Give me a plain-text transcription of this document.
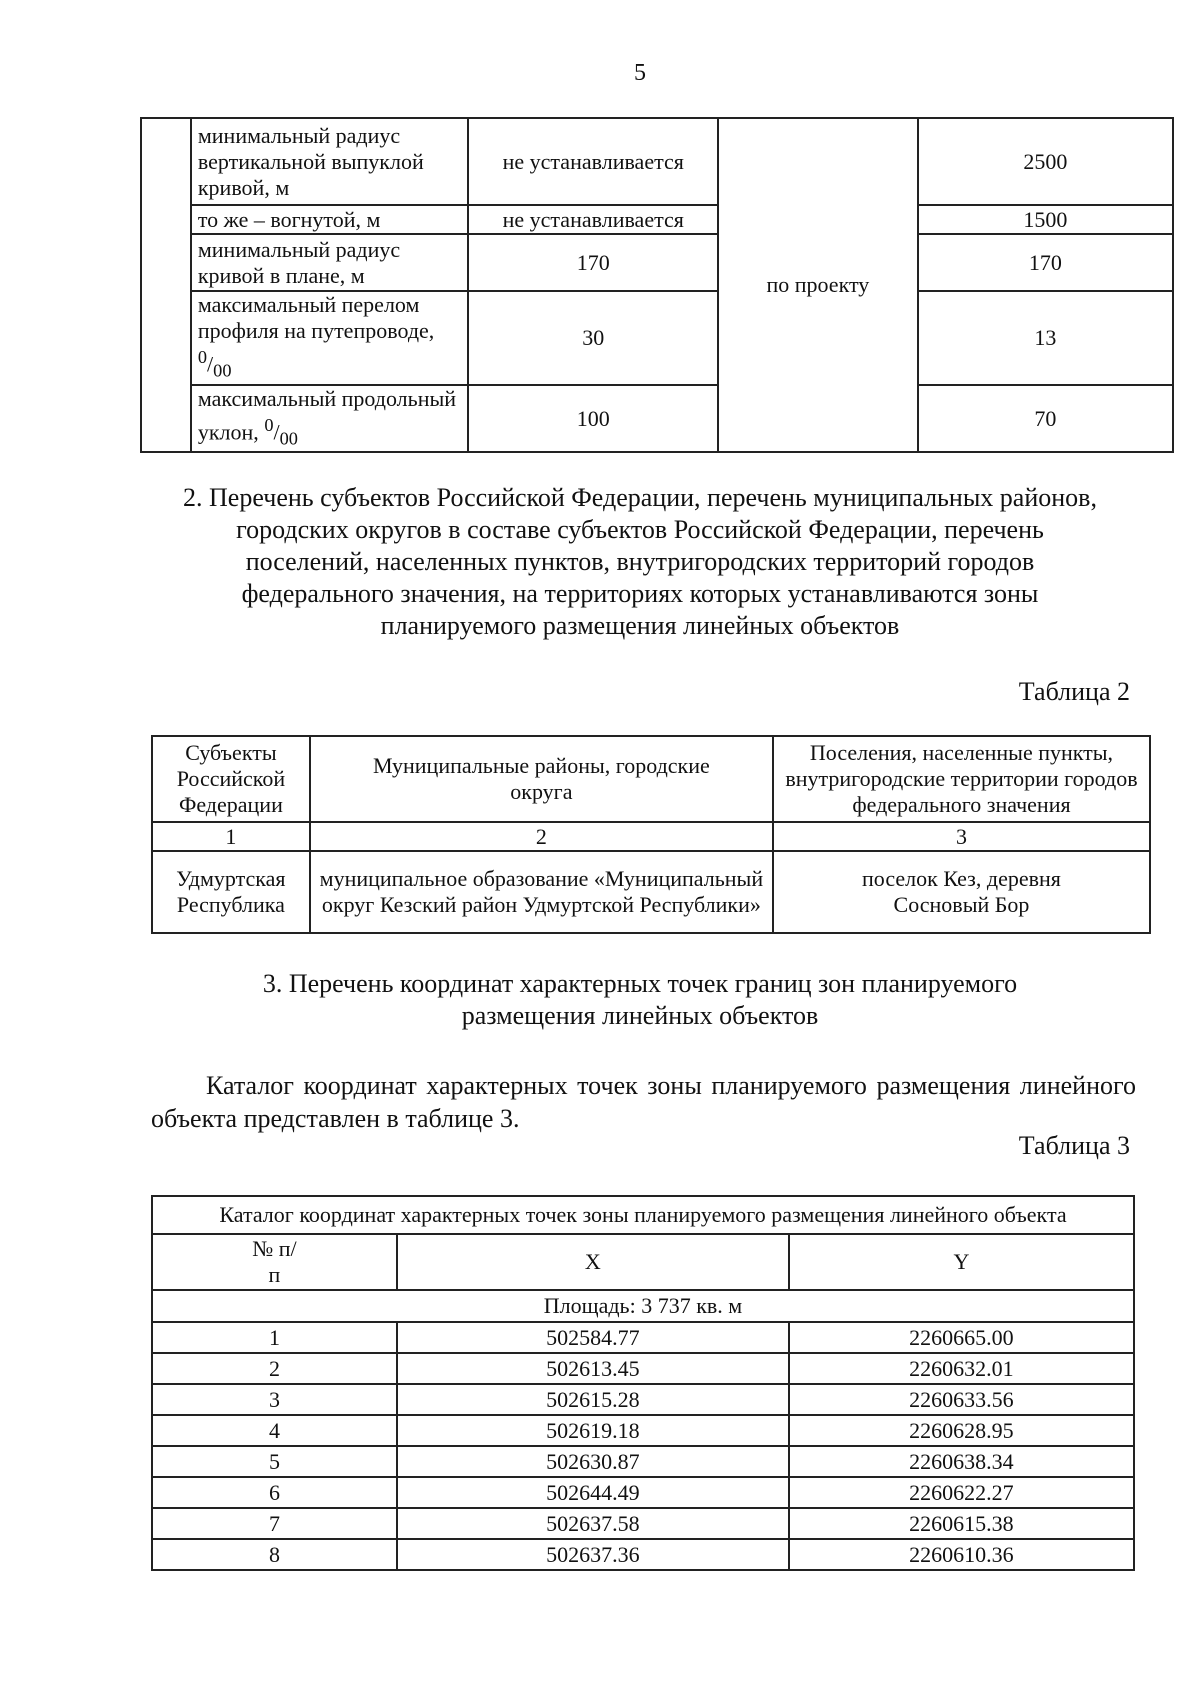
5
	минимальный радиус вертикальной выпуклой кривой, м	не устанавливается	по проекту	2500
	то же – вогнутой, м	не устанавливается		1500
	минимальный радиус кривой в плане, м	170		170
	максимальный перелом профиля на путепроводе, $^0/_{00}$	30		13
	максимальный продольный уклон, $^0/_{00}$	100		70
2. Перечень субъектов Российской Федерации, перечень муниципальных районов, городских округов в составе субъектов Российской Федерации, перечень поселений, населенных пунктов, внутригородских территорий городов федерального значения, на территориях которых устанавливаются зоны планируемого размещения линейных объектов
Таблица 2
Субъекты Российской Федерации	Муниципальные районы, городские округа	Поселения, населенные пункты, внутригородские территории городов федерального значения
1	2	3
Удмуртская Республика	муниципальное образование «Муниципальный округ Кезский район Удмуртской Республики»	поселок Кез, деревня Сосновый Бор
3. Перечень координат характерных точек границ зон планируемого размещения линейных объектов
Каталог координат характерных точек зоны планируемого размещения линейного объекта представлен в таблице 3.
Таблица 3
Каталог координат характерных точек зоны планируемого размещения линейного объекта		
№ п/п	X	Y
Площадь: 3 737 кв. м		
1	502584.77	2260665.00
2	502613.45	2260632.01
3	502615.28	2260633.56
4	502619.18	2260628.95
5	502630.87	2260638.34
6	502644.49	2260622.27
7	502637.58	2260615.38
8	502637.36	2260610.36
